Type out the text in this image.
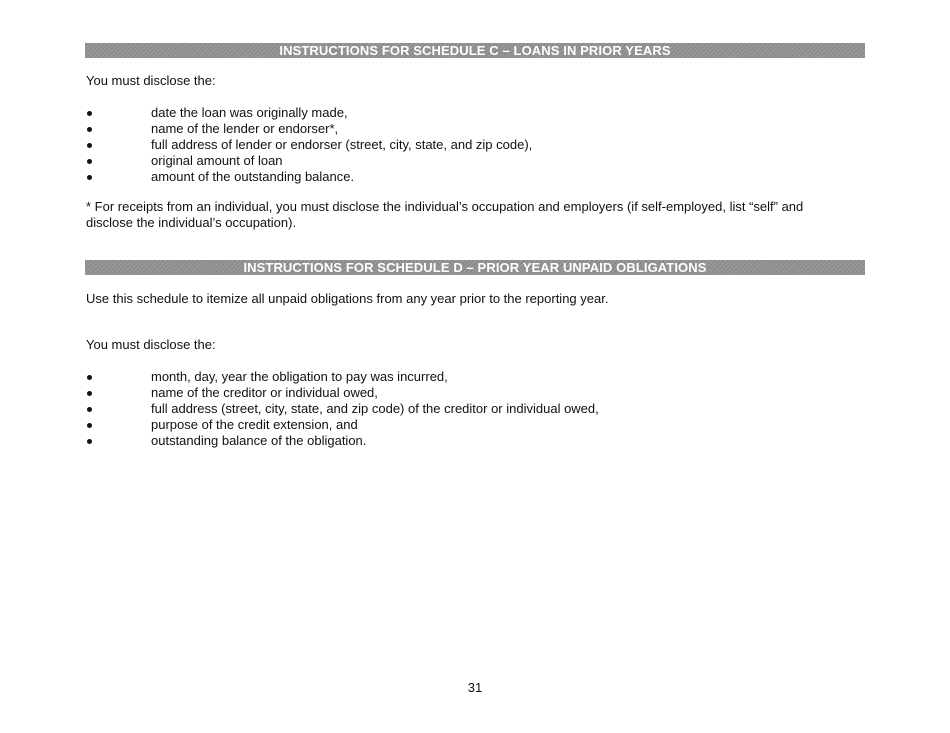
INSTRUCTIONS FOR SCHEDULE C – LOANS IN PRIOR YEARS

You must disclose the:

date the loan was originally made,
name of the lender or endorser*,
full address of lender or endorser (street, city, state, and zip code),
original amount of loan
amount of the outstanding balance.

* For receipts from an individual, you must disclose the individual’s occupation and employers (if self-employed, list “self” and disclose the individual’s occupation).

INSTRUCTIONS FOR SCHEDULE D – PRIOR YEAR UNPAID OBLIGATIONS

Use this schedule to itemize all unpaid obligations from any year prior to the reporting year.

You must disclose the:

month, day, year the obligation to pay was incurred,
name of the creditor or individual owed,
full address (street, city, state, and zip code) of the creditor or individual owed,
purpose of the credit extension, and
outstanding balance of the obligation.
31
